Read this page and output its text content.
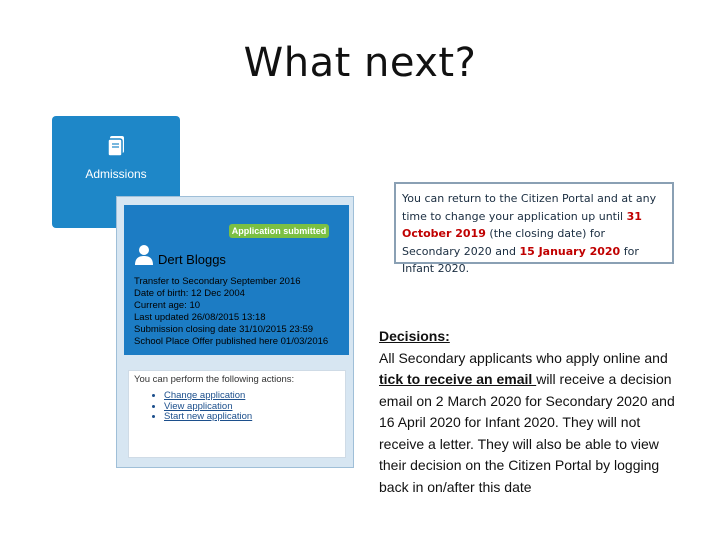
What next?
Admissions
Application submitted
Dert Bloggs
Transfer to Secondary September 2016
Date of birth: 12 Dec 2004
Current age: 10
Last updated 26/08/2015 13:18
Submission closing date 31/10/2015 23:59
School Place Offer published here 01/03/2016
You can perform the following actions:
• Change application
• View application
• Start new application
You can return to the Citizen Portal and at any time to change your application up until 31 October 2019 (the closing date) for Secondary 2020 and 15 January 2020 for Infant 2020.
Decisions:
All Secondary applicants who apply online and tick to receive an email will receive a decision email on 2 March 2020 for Secondary 2020 and 16 April 2020 for Infant 2020. They will not receive a letter. They will also be able to view their decision on the Citizen Portal by logging back in on/after this date
